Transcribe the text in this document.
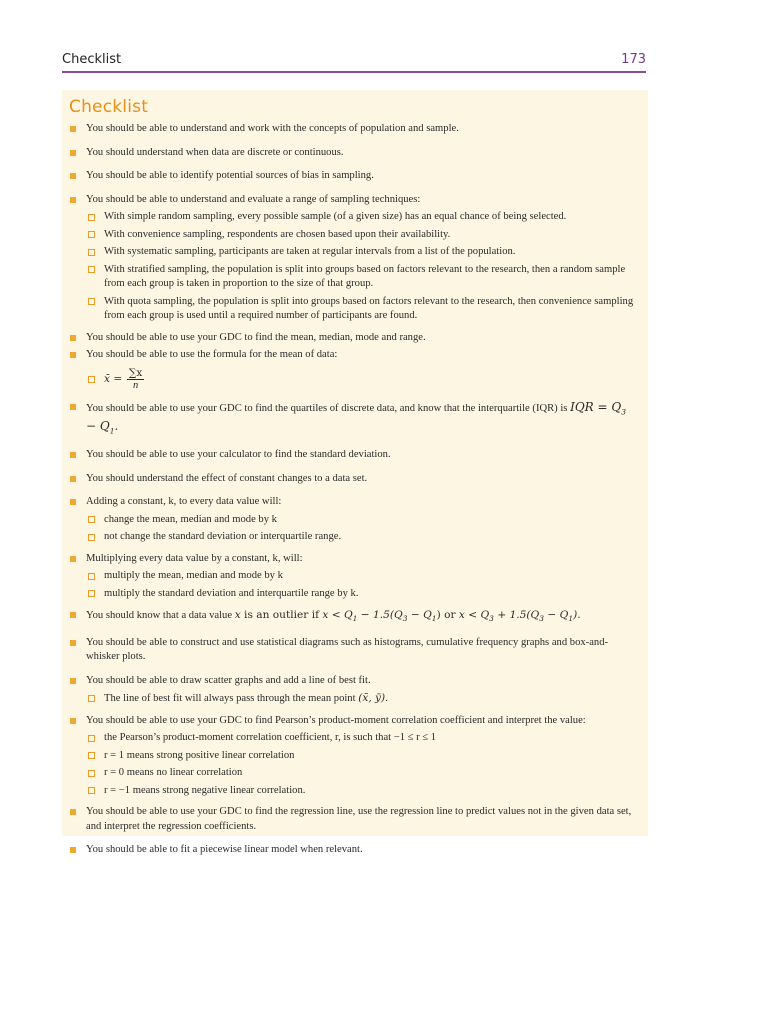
Checklist	173
Checklist
You should be able to understand and work with the concepts of population and sample.
You should understand when data are discrete or continuous.
You should be able to identify potential sources of bias in sampling.
You should be able to understand and evaluate a range of sampling techniques:
With simple random sampling, every possible sample (of a given size) has an equal chance of being selected.
With convenience sampling, respondents are chosen based upon their availability.
With systematic sampling, participants are taken at regular intervals from a list of the population.
With stratified sampling, the population is split into groups based on factors relevant to the research, then a random sample from each group is taken in proportion to the size of that group.
With quota sampling, the population is split into groups based on factors relevant to the research, then convenience sampling from each group is used until a required number of participants are found.
You should be able to use your GDC to find the mean, median, mode and range.
You should be able to use the formula for the mean of data:
x̄ = $\frac{\sum x}{n}$
You should be able to use your GDC to find the quartiles of discrete data, and know that the interquartile (IQR) is IQR = $Q_3 - Q_1$.
You should be able to use your calculator to find the standard deviation.
You should understand the effect of constant changes to a data set.
Adding a constant, k, to every data value will:
change the mean, median and mode by k
not change the standard deviation or interquartile range.
Multiplying every data value by a constant, k, will:
multiply the mean, median and mode by k
multiply the standard deviation and interquartile range by k.
You should know that a data value x is an outlier if $x < Q_1 - 1.5(Q_3 - Q_1)$ or $x < Q_3 + 1.5(Q_3 - Q_1)$.
You should be able to construct and use statistical diagrams such as histograms, cumulative frequency graphs and box-and-whisker plots.
You should be able to draw scatter graphs and add a line of best fit.
The line of best fit will always pass through the mean point (x̄, ȳ).
You should be able to use your GDC to find Pearson’s product-moment correlation coefficient and interpret the value:
the Pearson’s product-moment correlation coefficient, r, is such that −1 ≤ r ≤ 1
r = 1 means strong positive linear correlation
r = 0 means no linear correlation
r = −1 means strong negative linear correlation.
You should be able to use your GDC to find the regression line, use the regression line to predict values not in the given data set, and interpret the regression coefficients.
You should be able to fit a piecewise linear model when relevant.
